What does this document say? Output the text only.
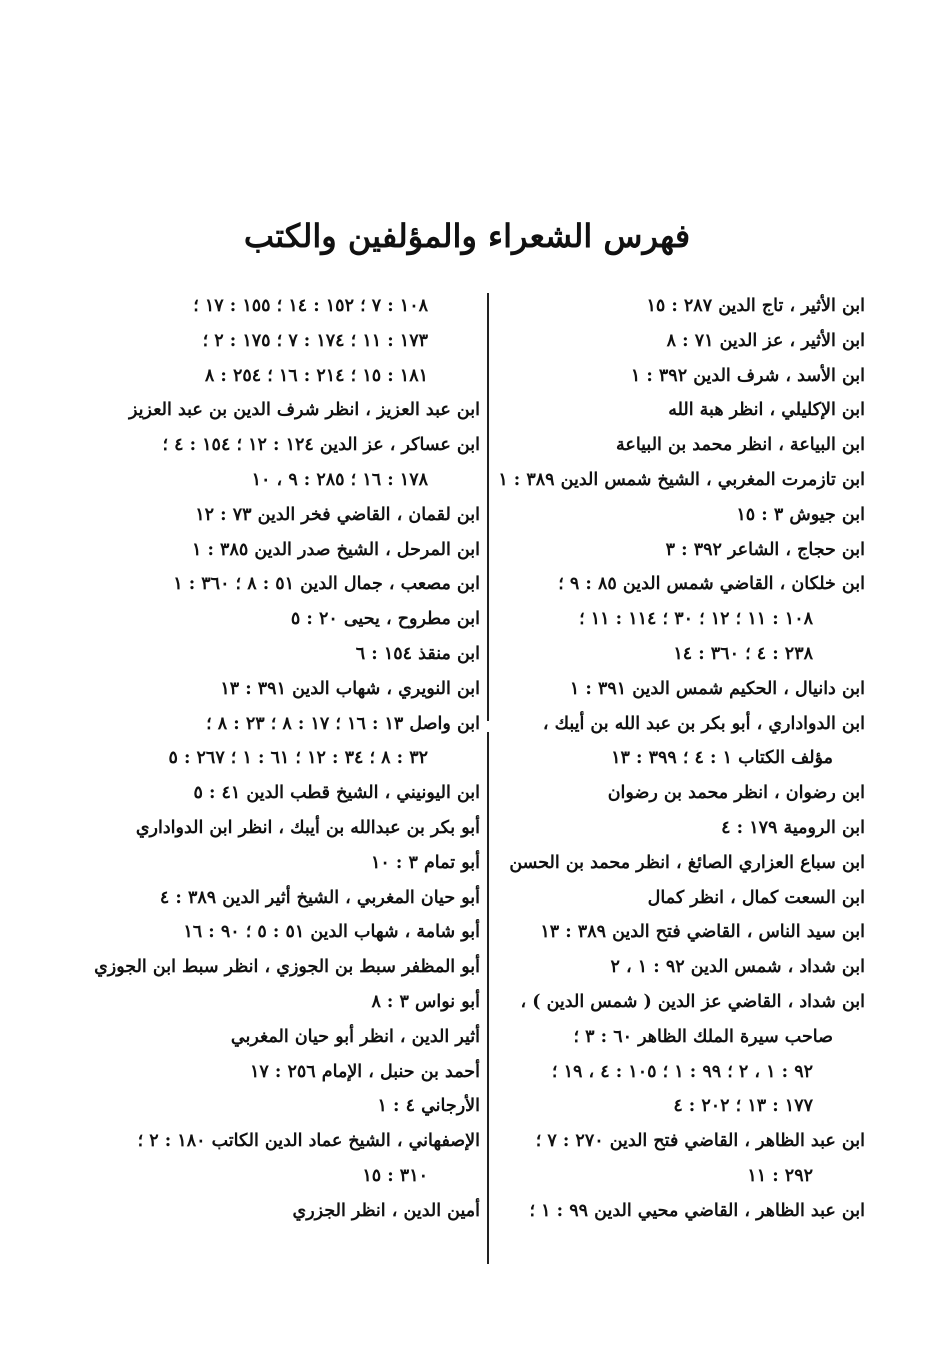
فهرس الشعراء والمؤلفين والكتب
ابن الأثير ، تاج الدين ٢٨٧ : ١٥
ابن الأثير ، عز الدين ٧١ : ٨
ابن الأسد ، شرف الدين ٣٩٢ : ١
ابن الإكليلي ، انظر هبة الله
ابن البياعة ، انظر محمد بن البياعة
ابن تازمرت المغربي ، الشيخ شمس الدين ٣٨٩ : ١
ابن جيوش ٣ : ١٥
ابن حجاج ، الشاعر ٣٩٢ : ٣
ابن خلكان ، القاضي شمس الدين ٨٥ : ٩ ؛
١٠٨ : ١١ ؛ ١٢ ؛ ٣٠ ؛ ١١٤ : ١١ ؛
٢٣٨ : ٤ ؛ ٣٦٠ : ١٤
ابن دانيال ، الحكيم شمس الدين ٣٩١ : ١
ابن الدواداري ، أبو بكر بن عبد الله بن أيبك ،
مؤلف الكتاب ١ : ٤ ؛ ٣٩٩ : ١٣
ابن رضوان ، انظر محمد بن رضوان
ابن الرومية ١٧٩ : ٤
ابن سباع العزاري الصائغ ، انظر محمد بن الحسن
ابن السعت كمال ، انظر كمال
ابن سيد الناس ، القاضي فتح الدين ٣٨٩ : ١٣
ابن شداد ، شمس الدين ٩٢ : ١ ، ٢
ابن شداد ، القاضي عز الدين ( شمس الدين ) ،
صاحب سيرة الملك الظاهر ٦٠ : ٣ ؛
٩٢ : ١ ، ٢ ؛ ٩٩ : ١ ؛ ١٠٥ : ٤ ، ١٩ ؛
١٧٧ : ١٣ ؛ ٢٠٢ : ٤
ابن عبد الظاهر ، القاضي فتح الدين ٢٧٠ : ٧ ؛
٢٩٢ : ١١
ابن عبد الظاهر ، القاضي محيي الدين ٩٩ : ١ ؛
١٠٨ : ٧ ؛ ١٥٢ : ١٤ ؛ ١٥٥ : ١٧ ؛
١٧٣ : ١١ ؛ ١٧٤ : ٧ ؛ ١٧٥ : ٢ ؛
١٨١ : ١٥ ؛ ٢١٤ : ١٦ ؛ ٢٥٤ : ٨
ابن عبد العزيز ، انظر شرف الدين بن عبد العزيز
ابن عساكر ، عز الدين ١٢٤ : ١٢ ؛ ١٥٤ : ٤ ؛
١٧٨ : ١٦ ؛ ٢٨٥ : ٩ ، ١٠
ابن لقمان ، القاضي فخر الدين ٧٣ : ١٢
ابن المرحل ، الشيخ صدر الدين ٣٨٥ : ١
ابن مصعب ، جمال الدين ٥١ : ٨ ؛ ٣٦٠ : ١
ابن مطروح ، يحيى ٢٠ : ٥
ابن منقذ ١٥٤ : ٦
ابن النويري ، شهاب الدين ٣٩١ : ١٣
ابن واصل ١٣ : ١٦ ؛ ١٧ : ٨ ؛ ٢٣ : ٨ ؛
٣٢ : ٨ ؛ ٣٤ : ١٢ ؛ ٦١ : ١ ؛ ٢٦٧ : ٥
ابن اليونيني ، الشيخ قطب الدين ٤١ : ٥
أبو بكر بن عبدالله بن أيبك ، انظر ابن الدواداري
أبو تمام ٣ : ١٠
أبو حيان المغربي ، الشيخ أثير الدين ٣٨٩ : ٤
أبو شامة ، شهاب الدين ٥١ : ٥ ؛ ٩٠ : ١٦
أبو المظفر سبط بن الجوزي ، انظر سبط ابن الجوزي
أبو نواس ٣ : ٨
أثير الدين ، انظر أبو حيان المغربي
أحمد بن حنبل ، الإمام ٢٥٦ : ١٧
الأرجاني ٤ : ١
الإصفهاني ، الشيخ عماد الدين الكاتب ١٨٠ : ٢ ؛
٣١٠ : ١٥
أمين الدين ، انظر الجزري
